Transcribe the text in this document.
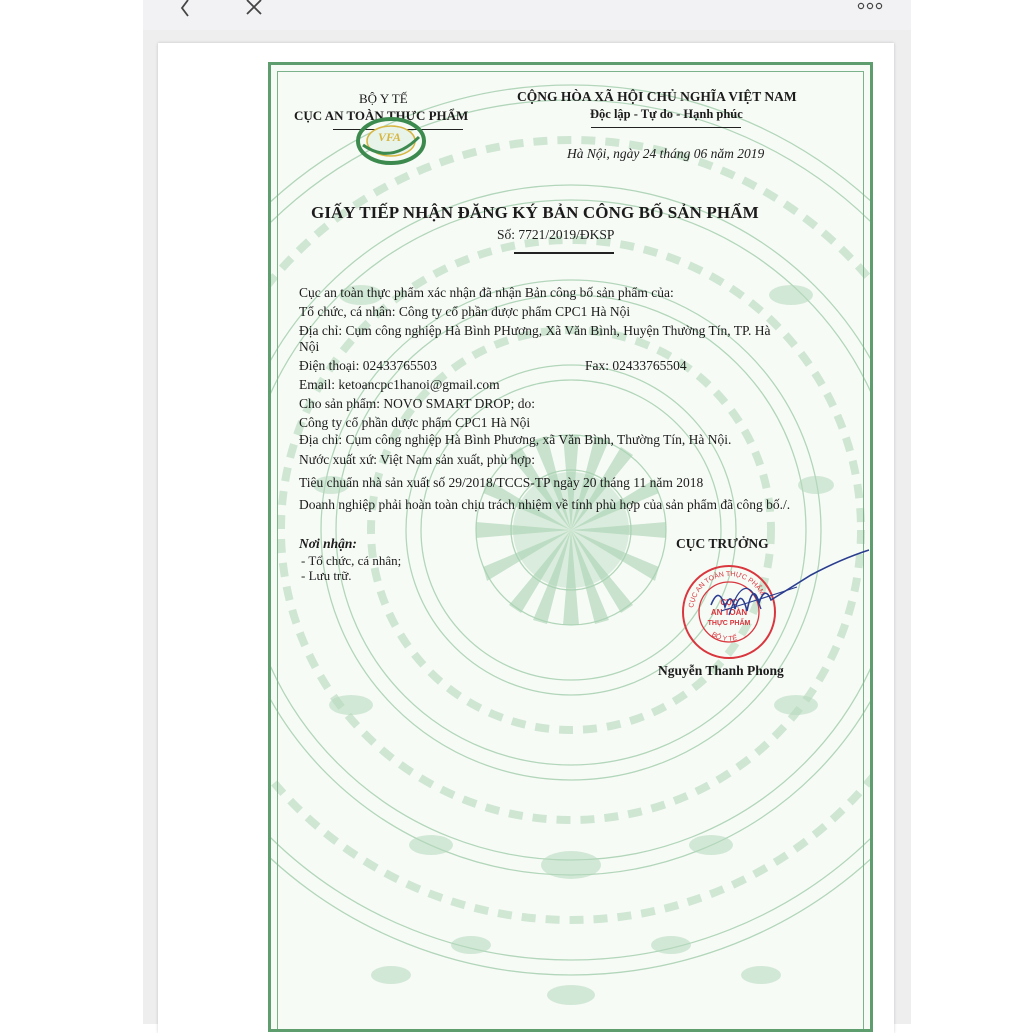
BỘ Y TẾ
CỤC AN TOÀN THỰC PHẨM
VFA
CỘNG HÒA XÃ HỘI CHỦ NGHĨA VIỆT NAM
Độc lập - Tự do - Hạnh phúc
Hà Nội, ngày 24 tháng 06 năm 2019
GIẤY TIẾP NHẬN ĐĂNG KÝ BẢN CÔNG BỐ SẢN PHẨM
Số: 7721/2019/ĐKSP
Cục an toàn thực phẩm xác nhận đã nhận Bản công bố sản phẩm của:
Tổ chức, cá nhân: Công ty cổ phần dược phẩm CPC1 Hà Nội
Địa chỉ: Cụm công nghiệp Hà Bình PHương, Xã Văn Bình, Huyện Thường Tín, TP. Hà
Nội
Điện thoại: 02433765503	Fax: 02433765504
Email: ketoancpc1hanoi@gmail.com
Cho sản phẩm: NOVO SMART DROP; do:
Công ty cổ phần dược phẩm CPC1 Hà Nội
Địa chỉ: Cụm công nghiệp Hà Bình Phương, xã Văn Bình, Thường Tín, Hà Nội.
Nước xuất xứ: Việt Nam sản xuất, phù hợp:
Tiêu chuẩn nhà sản xuất số 29/2018/TCCS-TP ngày 20 tháng 11 năm 2018
Doanh nghiệp phải hoàn toàn chịu trách nhiệm về tính phù hợp của sản phẩm đã công bố./.
Nơi nhận:
- Tổ chức, cá nhân;
- Lưu trữ.
CỤC TRƯỞNG
CỤC AN TOÀN THỰC PHẨM
BỘ Y TẾ
CỤC
AN TOÀN
THỰC PHẨM
Nguyễn Thanh Phong
